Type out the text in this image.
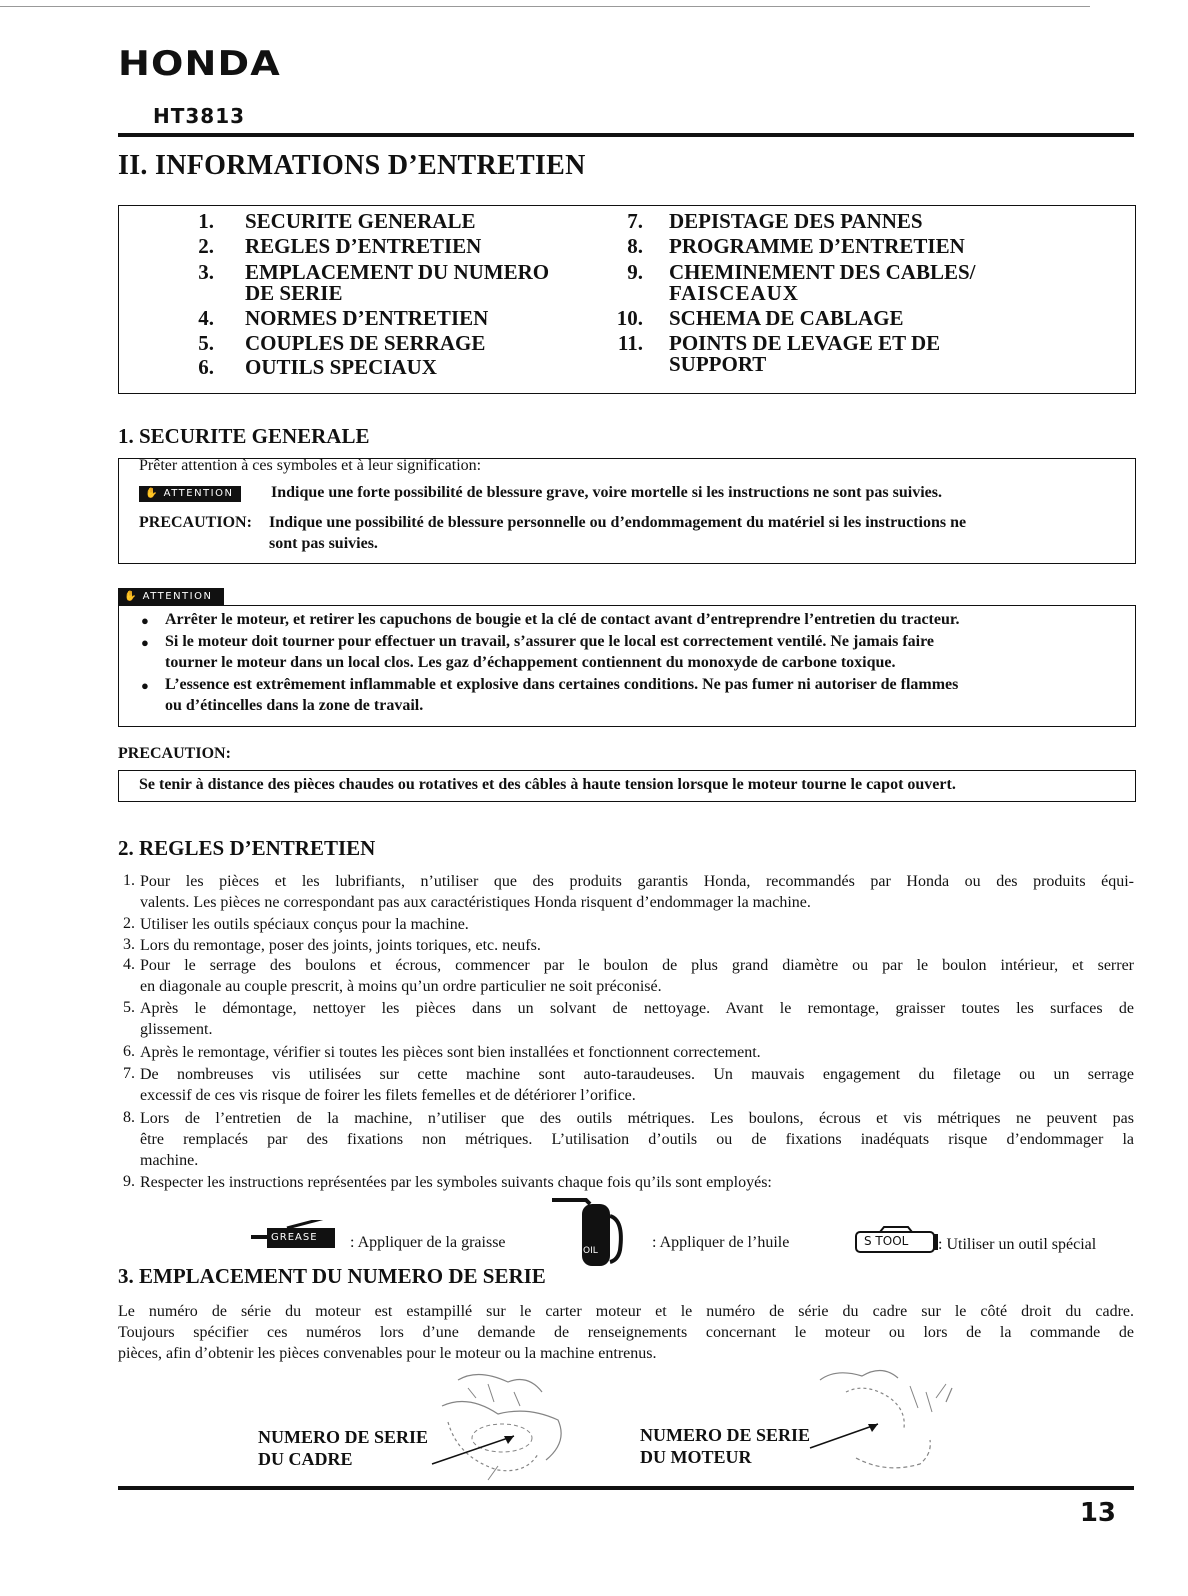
HONDA
HT3813
II. INFORMATIONS D’ENTRETIEN
1. SECURITE GENERALE
2. REGLES D’ENTRETIEN
3. EMPLACEMENT DU NUMERO
DE SERIE
4. NORMES D’ENTRETIEN
5. COUPLES DE SERRAGE
6. OUTILS SPECIAUX
7. DEPISTAGE DES PANNES
8. PROGRAMME D’ENTRETIEN
9. CHEMINEMENT DES CABLES/
FAISCEAUX
10. SCHEMA DE CABLAGE
11. POINTS DE LEVAGE ET DE
SUPPORT
1. SECURITE GENERALE
Prêter attention à ces symboles et à leur signification:
✋ ATTENTION	Indique une forte possibilité de blessure grave, voire mortelle si les instructions ne sont pas suivies.
PRECAUTION: Indique une possibilité de blessure personnelle ou d’endommagement du matériel si les instructions ne
sont pas suivies.
✋ ATTENTION
● Arrêter le moteur, et retirer les capuchons de bougie et la clé de contact avant d’entreprendre l’entretien du tracteur.
● Si le moteur doit tourner pour effectuer un travail, s’assurer que le local est correctement ventilé. Ne jamais faire
tourner le moteur dans un local clos. Les gaz d’échappement contiennent du monoxyde de carbone toxique.
● L’essence est extrêmement inflammable et explosive dans certaines conditions. Ne pas fumer ni autoriser de flammes
ou d’étincelles dans la zone de travail.
PRECAUTION:
Se tenir à distance des pièces chaudes ou rotatives et des câbles à haute tension lorsque le moteur tourne le capot ouvert.
2. REGLES D’ENTRETIEN
1. Pour les pièces et les lubrifiants, n’utiliser que des produits garantis Honda, recommandés par Honda ou des produits équi-
valents. Les pièces ne correspondant pas aux caractéristiques Honda risquent d’endommager la machine.
2. Utiliser les outils spéciaux conçus pour la machine.
3. Lors du remontage, poser des joints, joints toriques, etc. neufs.
4. Pour le serrage des boulons et écrous, commencer par le boulon de plus grand diamètre ou par le boulon intérieur, et serrer
en diagonale au couple prescrit, à moins qu’un ordre particulier ne soit préconisé.
5. Après le démontage, nettoyer les pièces dans un solvant de nettoyage. Avant le remontage, graisser toutes les surfaces de
glissement.
6. Après le remontage, vérifier si toutes les pièces sont bien installées et fonctionnent correctement.
7. De nombreuses vis utilisées sur cette machine sont auto-taraudeuses. Un mauvais engagement du filetage ou un serrage
excessif de ces vis risque de foirer les filets femelles et de détériorer l’orifice.
8. Lors de l’entretien de la machine, n’utiliser que des outils métriques. Les boulons, écrous et vis métriques ne peuvent pas
être remplacés par des fixations non métriques. L’utilisation d’outils ou de fixations inadéquats risque d’endommager la
machine.
9. Respecter les instructions représentées par les symboles suivants chaque fois qu’ils sont employés:
GREASE : Appliquer de la graisse	OIL	: Appliquer de l’huile	S TOOL : Utiliser un outil spécial
3. EMPLACEMENT DU NUMERO DE SERIE
Le numéro de série du moteur est estampillé sur le carter moteur et le numéro de série du cadre sur le côté droit du cadre.
Toujours spécifier ces numéros lors d’une demande de renseignements concernant le moteur ou lors de la commande de
pièces, afin d’obtenir les pièces convenables pour le moteur ou la machine entrenus.
NUMERO DE SERIE
DU CADRE
NUMERO DE SERIE
DU MOTEUR
13
